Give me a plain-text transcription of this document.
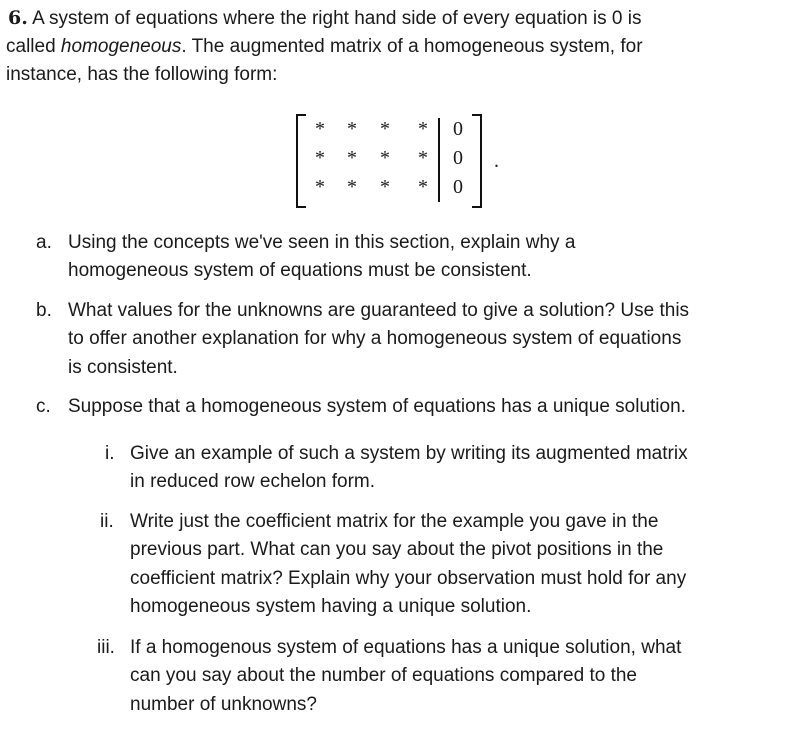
6. A system of equations where the right hand side of every equation is 0 is
called homogeneous. The augmented matrix of a homogeneous system, for
instance, has the following form:
* * * * 0
* * * * 0
* * * * 0
.
a. Using the concepts we've seen in this section, explain why a
homogeneous system of equations must be consistent.
b. What values for the unknowns are guaranteed to give a solution? Use this
to offer another explanation for why a homogeneous system of equations
is consistent.
c. Suppose that a homogeneous system of equations has a unique solution.
i. Give an example of such a system by writing its augmented matrix
in reduced row echelon form.
ii. Write just the coefficient matrix for the example you gave in the
previous part. What can you say about the pivot positions in the
coefficient matrix? Explain why your observation must hold for any
homogeneous system having a unique solution.
iii. If a homogenous system of equations has a unique solution, what
can you say about the number of equations compared to the
number of unknowns?
